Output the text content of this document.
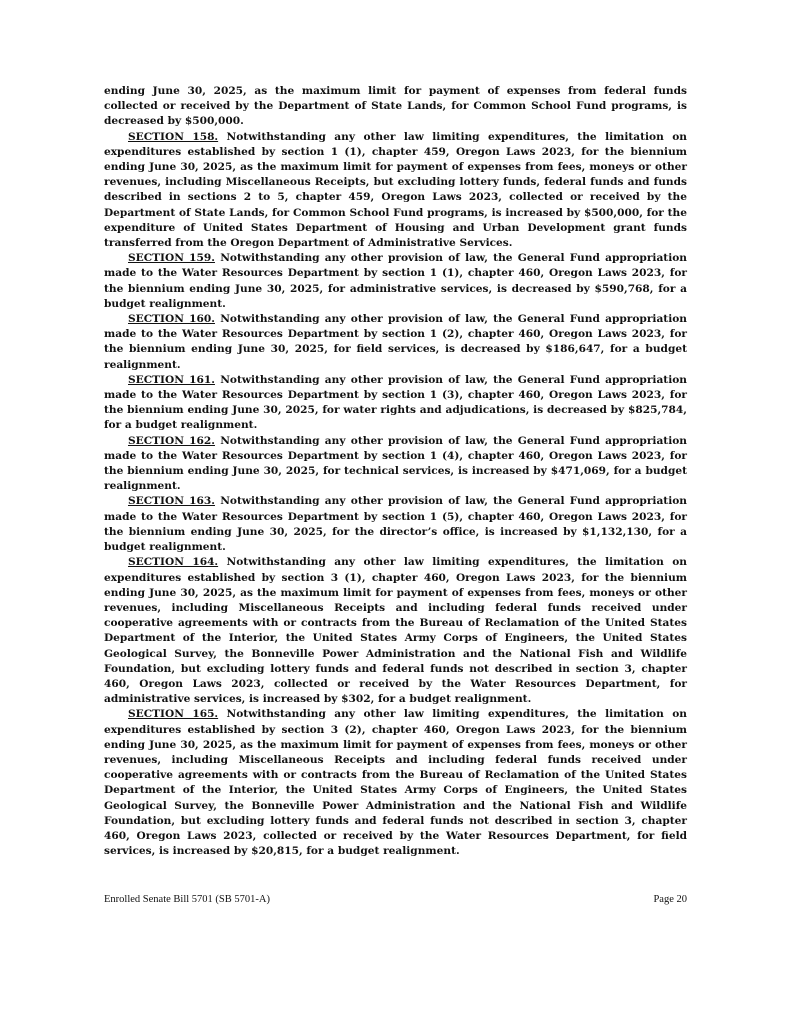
ending June 30, 2025, as the maximum limit for payment of expenses from federal funds collected or received by the Department of State Lands, for Common School Fund programs, is decreased by $500,000.

SECTION 158. Notwithstanding any other law limiting expenditures, the limitation on expenditures established by section 1 (1), chapter 459, Oregon Laws 2023, for the biennium ending June 30, 2025, as the maximum limit for payment of expenses from fees, moneys or other revenues, including Miscellaneous Receipts, but excluding lottery funds, federal funds and funds described in sections 2 to 5, chapter 459, Oregon Laws 2023, collected or received by the Department of State Lands, for Common School Fund programs, is increased by $500,000, for the expenditure of United States Department of Housing and Urban Development grant funds transferred from the Oregon Department of Administrative Services.

SECTION 159. Notwithstanding any other provision of law, the General Fund appropriation made to the Water Resources Department by section 1 (1), chapter 460, Oregon Laws 2023, for the biennium ending June 30, 2025, for administrative services, is decreased by $590,768, for a budget realignment.

SECTION 160. Notwithstanding any other provision of law, the General Fund appropriation made to the Water Resources Department by section 1 (2), chapter 460, Oregon Laws 2023, for the biennium ending June 30, 2025, for field services, is decreased by $186,647, for a budget realignment.

SECTION 161. Notwithstanding any other provision of law, the General Fund appropriation made to the Water Resources Department by section 1 (3), chapter 460, Oregon Laws 2023, for the biennium ending June 30, 2025, for water rights and adjudications, is decreased by $825,784, for a budget realignment.

SECTION 162. Notwithstanding any other provision of law, the General Fund appropriation made to the Water Resources Department by section 1 (4), chapter 460, Oregon Laws 2023, for the biennium ending June 30, 2025, for technical services, is increased by $471,069, for a budget realignment.

SECTION 163. Notwithstanding any other provision of law, the General Fund appropriation made to the Water Resources Department by section 1 (5), chapter 460, Oregon Laws 2023, for the biennium ending June 30, 2025, for the director’s office, is increased by $1,132,130, for a budget realignment.

SECTION 164. Notwithstanding any other law limiting expenditures, the limitation on expenditures established by section 3 (1), chapter 460, Oregon Laws 2023, for the biennium ending June 30, 2025, as the maximum limit for payment of expenses from fees, moneys or other revenues, including Miscellaneous Receipts and including federal funds received under cooperative agreements with or contracts from the Bureau of Reclamation of the United States Department of the Interior, the United States Army Corps of Engineers, the United States Geological Survey, the Bonneville Power Administration and the National Fish and Wildlife Foundation, but excluding lottery funds and federal funds not described in section 3, chapter 460, Oregon Laws 2023, collected or received by the Water Resources Department, for administrative services, is increased by $302, for a budget realignment.

SECTION 165. Notwithstanding any other law limiting expenditures, the limitation on expenditures established by section 3 (2), chapter 460, Oregon Laws 2023, for the biennium ending June 30, 2025, as the maximum limit for payment of expenses from fees, moneys or other revenues, including Miscellaneous Receipts and including federal funds received under cooperative agreements with or contracts from the Bureau of Reclamation of the United States Department of the Interior, the United States Army Corps of Engineers, the United States Geological Survey, the Bonneville Power Administration and the National Fish and Wildlife Foundation, but excluding lottery funds and federal funds not described in section 3, chapter 460, Oregon Laws 2023, collected or received by the Water Resources Department, for field services, is increased by $20,815, for a budget realignment.

Enrolled Senate Bill 5701 (SB 5701-A)	Page 20
